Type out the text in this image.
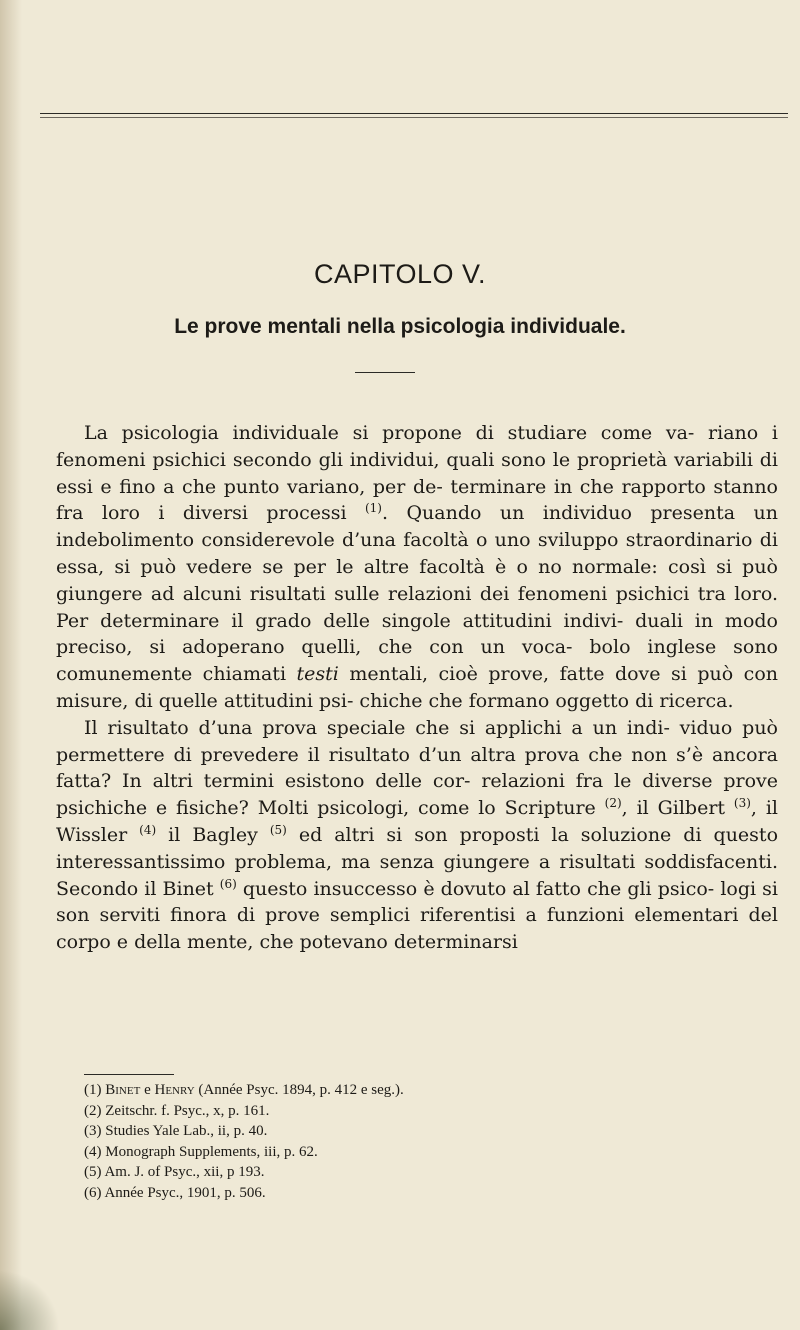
CAPITOLO V.
Le prove mentali nella psicologia individuale.

La psicologia individuale si propone di studiare come va- riano i fenomeni psichici secondo gli individui, quali sono le proprietà variabili di essi e fino a che punto variano, per de- terminare in che rapporto stanno fra loro i diversi processi $^{(1)}$. Quando un individuo presenta un indebolimento considerevole d’una facoltà o uno sviluppo straordinario di essa, si può vedere se per le altre facoltà è o no normale: così si può giungere ad alcuni risultati sulle relazioni dei fenomeni psichici tra loro. Per determinare il grado delle singole attitudini indivi- duali in modo preciso, si adoperano quelli, che con un voca- bolo inglese sono comunemente chiamati testi mentali, cioè prove, fatte dove si può con misure, di quelle attitudini psi- chiche che formano oggetto di ricerca.

Il risultato d’una prova speciale che si applichi a un indi- viduo può permettere di prevedere il risultato d’un altra prova che non s’è ancora fatta? In altri termini esistono delle cor- relazioni fra le diverse prove psichiche e fisiche? Molti psicologi, come lo Scripture $^{(2)}$, il Gilbert $^{(3)}$, il Wissler $^{(4)}$ il Bagley $^{(5)}$ ed altri si son proposti la soluzione di questo interessantissimo problema, ma senza giungere a risultati soddisfacenti. Secondo il Binet $^{(6)}$ questo insuccesso è dovuto al fatto che gli psico- logi si son serviti finora di prove semplici riferentisi a funzioni elementari del corpo e della mente, che potevano determinarsi

(1) Binet e Henry (Année Psyc. 1894, p. 412 e seg.).
(2) Zeitschr. f. Psyc., x, p. 161.
(3) Studies Yale Lab., ii, p. 40.
(4) Monograph Supplements, iii, p. 62.
(5) Am. J. of Psyc., xii, p 193.
(6) Année Psyc., 1901, p. 506.
